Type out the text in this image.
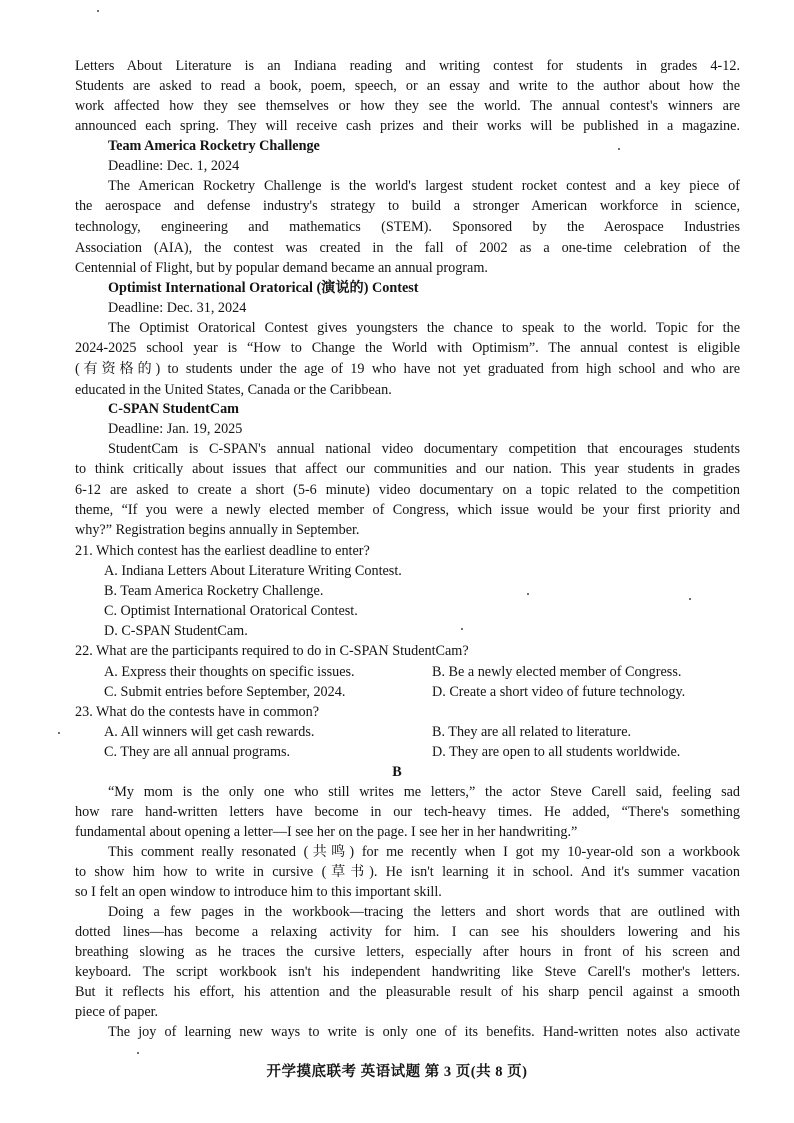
Letters About Literature is an Indiana reading and writing contest for students in grades 4-12.
Students are asked to read a book, poem, speech, or an essay and write to the author about how the
work affected how they see themselves or how they see the world. The annual contest's winners are
announced each spring. They will receive cash prizes and their works will be published in a magazine.
Team America Rocketry Challenge
Deadline: Dec. 1, 2024
The American Rocketry Challenge is the world's largest student rocket contest and a key piece of
the aerospace and defense industry's strategy to build a stronger American workforce in science,
technology, engineering and mathematics (STEM). Sponsored by the Aerospace Industries
Association (AIA), the contest was created in the fall of 2002 as a one-time celebration of the
Centennial of Flight, but by popular demand became an annual program.
Optimist International Oratorical (演说的) Contest
Deadline: Dec. 31, 2024
The Optimist Oratorical Contest gives youngsters the chance to speak to the world. Topic for the
2024-2025 school year is “How to Change the World with Optimism”. The annual contest is eligible
(有资格的) to students under the age of 19 who have not yet graduated from high school and who are
educated in the United States, Canada or the Caribbean.
C-SPAN StudentCam
Deadline: Jan. 19, 2025
StudentCam is C-SPAN's annual national video documentary competition that encourages students
to think critically about issues that affect our communities and our nation. This year students in grades
6-12 are asked to create a short (5-6 minute) video documentary on a topic related to the competition
theme, “If you were a newly elected member of Congress, which issue would be your first priority and
why?” Registration begins annually in September.
21. Which contest has the earliest deadline to enter?
A. Indiana Letters About Literature Writing Contest.
B. Team America Rocketry Challenge.
C. Optimist International Oratorical Contest.
D. C-SPAN StudentCam.
22. What are the participants required to do in C-SPAN StudentCam?
A. Express their thoughts on specific issues.	B. Be a newly elected member of Congress.
C. Submit entries before September, 2024.	D. Create a short video of future technology.
23. What do the contests have in common?
A. All winners will get cash rewards.	B. They are all related to literature.
C. They are all annual programs.	D. They are open to all students worldwide.
B
“My mom is the only one who still writes me letters,” the actor Steve Carell said, feeling sad
how rare hand-written letters have become in our tech-heavy times. He added, “There's something
fundamental about opening a letter—I see her on the page. I see her in her handwriting.”
This comment really resonated (共鸣) for me recently when I got my 10-year-old son a workbook
to show him how to write in cursive (草书). He isn't learning it in school. And it's summer vacation
so I felt an open window to introduce him to this important skill.
Doing a few pages in the workbook—tracing the letters and short words that are outlined with
dotted lines—has become a relaxing activity for him. I can see his shoulders lowering and his
breathing slowing as he traces the cursive letters, especially after hours in front of his screen and
keyboard. The script workbook isn't his independent handwriting like Steve Carell's mother's letters.
But it reflects his effort, his attention and the pleasurable result of his sharp pencil against a smooth
piece of paper.
The joy of learning new ways to write is only one of its benefits. Hand-written notes also activate
开学摸底联考 英语试题 第 3 页(共 8 页)
